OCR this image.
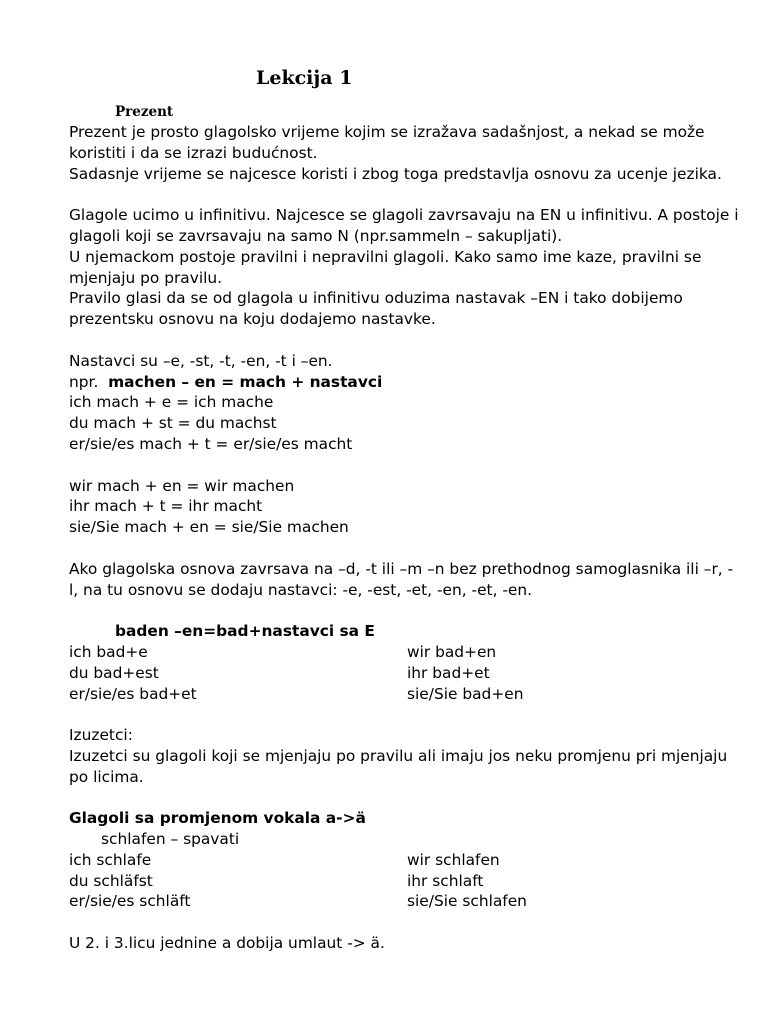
Lekcija 1
Prezent
Prezent je prosto glagolsko vrijeme kojim se izražava sadašnjost, a nekad se može
koristiti i da se izrazi budućnost.
Sadasnje vrijeme se najcesce koristi i zbog toga predstavlja osnovu za ucenje jezika.
Glagole ucimo u infinitivu. Najcesce se glagoli zavrsavaju na EN u infinitivu. A postoje i
glagoli koji se zavrsavaju na samo N (npr.sammeln – sakupljati).
U njemackom postoje pravilni i nepravilni glagoli. Kako samo ime kaze, pravilni se
mjenjaju po pravilu.
Pravilo glasi da se od glagola u infinitivu oduzima nastavak –EN i tako dobijemo
prezentsku osnovu na koju dodajemo nastavke.
Nastavci su –e, -st, -t, -en, -t i –en.
npr. machen – en = mach + nastavci
ich mach + e = ich mache
du mach + st = du machst
er/sie/es mach + t = er/sie/es macht
wir mach + en = wir machen
ihr mach + t = ihr macht
sie/Sie mach + en = sie/Sie machen
Ako glagolska osnova zavrsava na –d, -t ili –m –n bez prethodnog samoglasnika ili –r, -
l, na tu osnovu se dodaju nastavci: -e, -est, -et, -en, -et, -en.
baden –en=bad+nastavci sa E
ich bad+e	wir bad+en
du bad+est	ihr bad+et
er/sie/es bad+et	sie/Sie bad+en
Izuzetci:
Izuzetci su glagoli koji se mjenjaju po pravilu ali imaju jos neku promjenu pri mjenjaju
po licima.
Glagoli sa promjenom vokala a->ä
schlafen – spavati
ich schlafe	wir schlafen
du schläfst	ihr schlaft
er/sie/es schläft	sie/Sie schlafen
U 2. i 3.licu jednine a dobija umlaut -> ä.
